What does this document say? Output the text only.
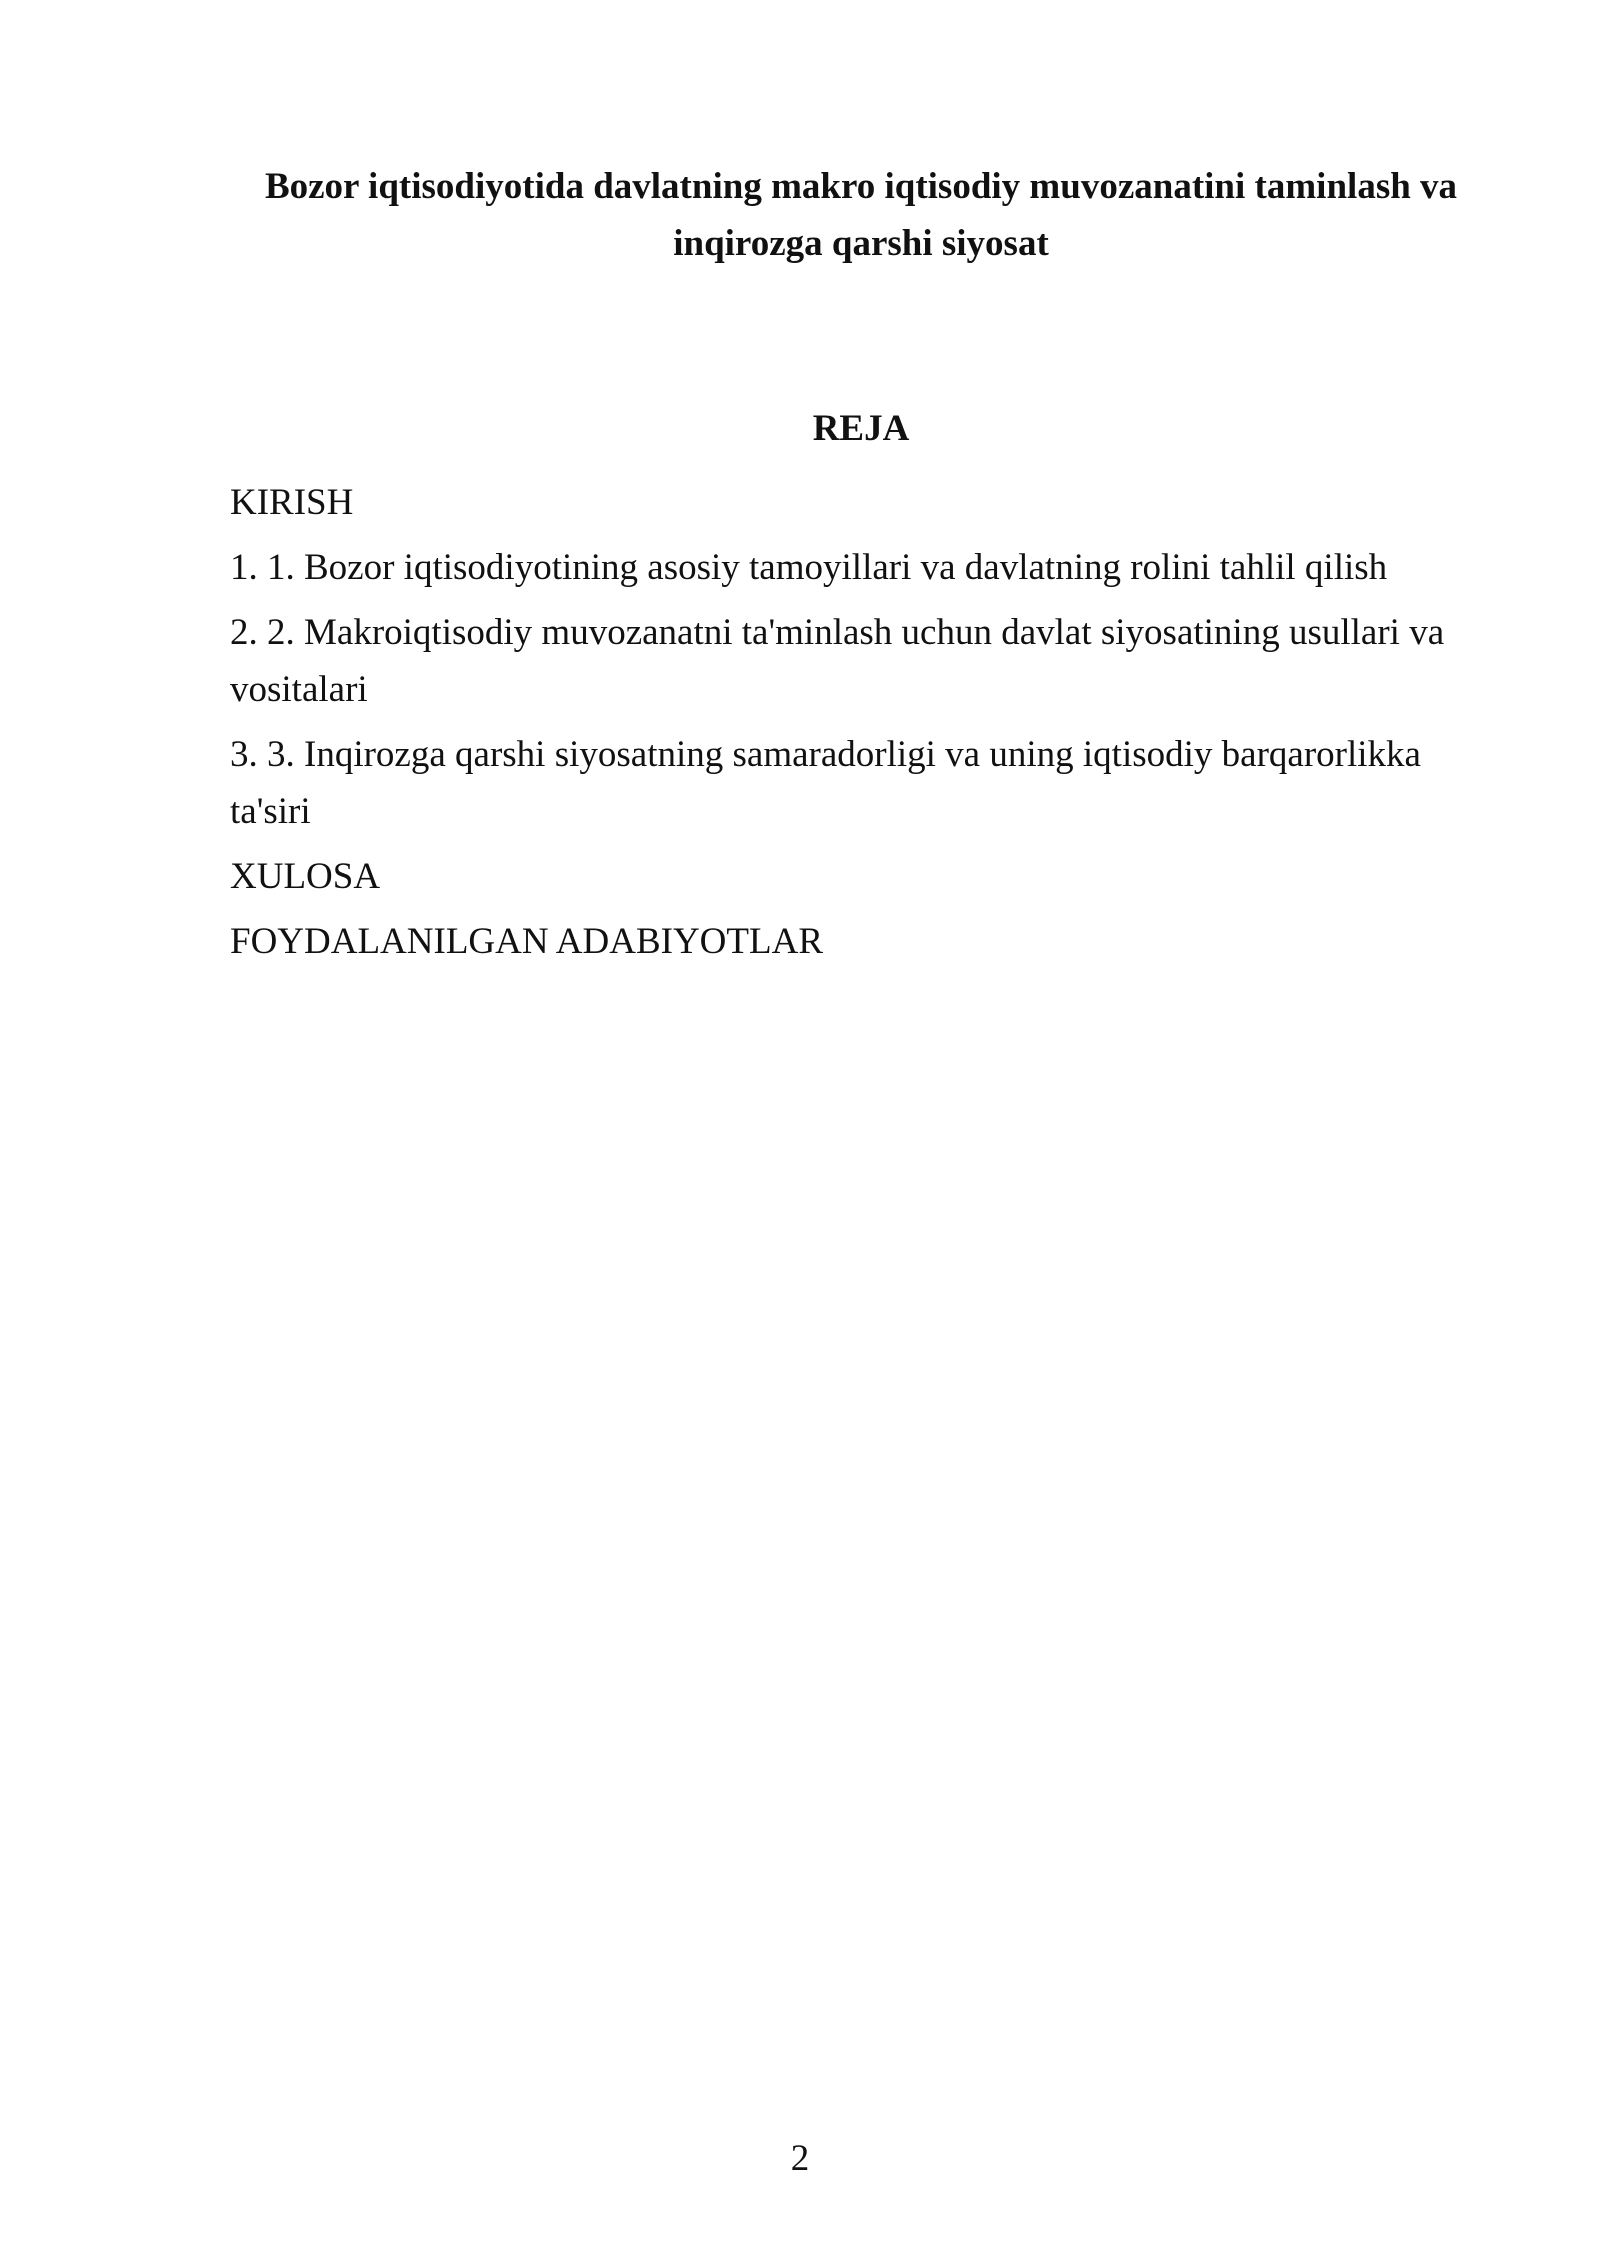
Bozor iqtisodiyotida davlatning makro iqtisodiy muvozanatini taminlash va inqirozga qarshi siyosat
REJA
KIRISH
1. 1. Bozor iqtisodiyotining asosiy tamoyillari va davlatning rolini tahlil qilish
2. 2. Makroiqtisodiy muvozanatni ta'minlash uchun davlat siyosatining usullari va vositalari
3. 3. Inqirozga qarshi siyosatning samaradorligi va uning iqtisodiy barqarorlikka ta'siri
XULOSA
FOYDALANILGAN ADABIYOTLAR
2
